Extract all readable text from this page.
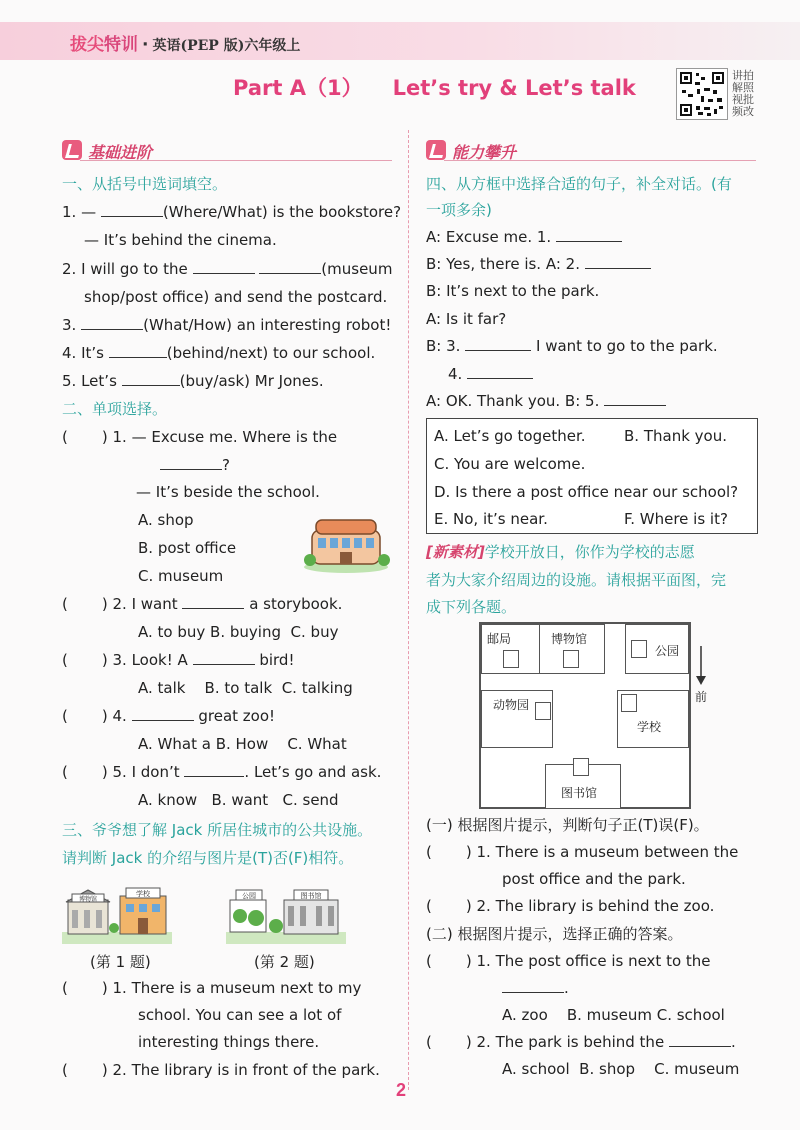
拔尖特训 · 英语(PEP 版)六年级上
Part A（1） Let’s try & Let’s talk
讲拍
解照
视批
频改
基础进阶
一、从括号中选词填空。
1. —	(Where/What) is the bookstore?
— It’s behind the cinema.
2. I will go to the	(museum
shop/post office) and send the postcard.
3.	(What/How) an interesting robot!
4. It’s	(behind/next) to our school.
5. Let’s	(buy/ask) Mr Jones.
二、单项选择。
( ) 1. — Excuse me. Where is the
?
— It’s beside the school.
A. shop
B. post office
C. museum
( ) 2. I want	a storybook.
A. to buy B. buying C. buy
( ) 3. Look! A	bird!
A. talk B. to talk C. talking
( ) 4.	great zoo!
A. What a B. How C. What
( ) 5. I don’t	. Let’s go and ask.
A. know B. want C. send
三、爷爷想了解 Jack 所居住城市的公共设施。
请判断 Jack 的介绍与图片是(T)否(F)相符。
博物馆
学校
(第 1 题)
公园	图书馆
(第 2 题)
( ) 1. There is a museum next to my
school. You can see a lot of
interesting things there.
( ) 2. The library is in front of the park.
能力攀升
四、从方框中选择合适的句子，补全对话。(有
一项多余)
A: Excuse me. 1.
B: Yes, there is. A: 2.
B: It’s next to the park.
A: Is it far?
B: 3.	I want to go to the park.
4.
A: OK. Thank you. B: 5.
A. Let’s go together.	B. Thank you.
C. You are welcome.
D. Is there a post office near our school?
E. No, it’s near.	F. Where is it?
[新素材]学校开放日，你作为学校的志愿
者为大家介绍周边的设施。请根据平面图，完
成下列各题。
邮局	博物馆
公园
动物园
学校
图书馆
前
(一) 根据图片提示，判断句子正(T)误(F)。
( ) 1. There is a museum between the
post office and the park.
( ) 2. The library is behind the zoo.
(二) 根据图片提示，选择正确的答案。
( ) 1. The post office is next to the
.
A. zoo B. museum C. school
( ) 2. The park is behind the	.
A. school B. shop C. museum
2
